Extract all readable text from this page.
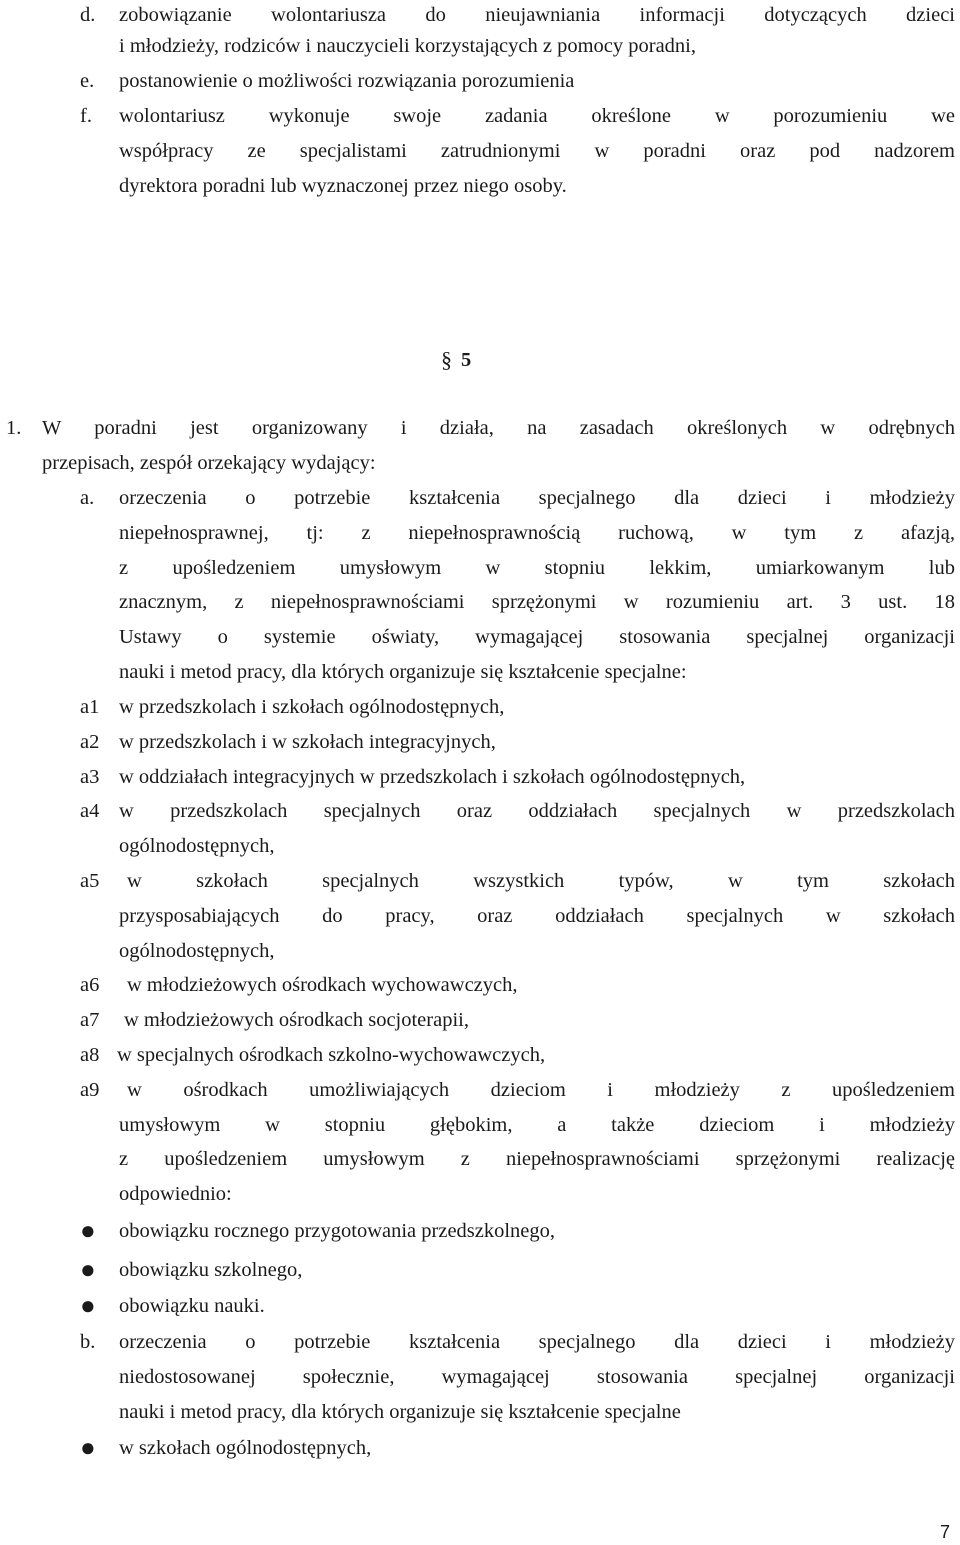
d. zobowiązanie wolontariusza do nieujawniania informacji dotyczących dzieci
i młodzieży, rodziców i nauczycieli korzystających z pomocy poradni,
e. postanowienie o możliwości rozwiązania porozumienia
f. wolontariusz wykonuje swoje zadania określone w porozumieniu we
współpracy ze specjalistami zatrudnionymi w poradni oraz pod nadzorem
dyrektora poradni lub wyznaczonej przez niego osoby.
§ 5
1. W poradni jest organizowany i działa, na zasadach określonych w odrębnych
przepisach, zespół orzekający wydający:
a. orzeczenia o potrzebie kształcenia specjalnego dla dzieci i młodzieży
niepełnosprawnej, tj: z niepełnosprawnością ruchową, w tym z afazją,
z upośledzeniem umysłowym w stopniu lekkim, umiarkowanym lub
znacznym, z niepełnosprawnościami sprzężonymi w rozumieniu art. 3 ust. 18
Ustawy o systemie oświaty, wymagającej stosowania specjalnej organizacji
nauki i metod pracy, dla których organizuje się kształcenie specjalne:
a1 w przedszkolach i szkołach ogólnodostępnych,
a2 w przedszkolach i w szkołach integracyjnych,
a3 w oddziałach integracyjnych w przedszkolach i szkołach ogólnodostępnych,
a4 w przedszkolach specjalnych oraz oddziałach specjalnych w przedszkolach
ogólnodostępnych,
a5 w szkołach specjalnych wszystkich typów, w tym szkołach
przysposabiających do pracy, oraz oddziałach specjalnych w szkołach
ogólnodostępnych,
a6 w młodzieżowych ośrodkach wychowawczych,
a7 w młodzieżowych ośrodkach socjoterapii,
a8 w specjalnych ośrodkach szkolno-wychowawczych,
a9 w ośrodkach umożliwiających dzieciom i młodzieży z upośledzeniem
umysłowym w stopniu głębokim, a także dzieciom i młodzieży
z upośledzeniem umysłowym z niepełnosprawnościami sprzężonymi realizację
odpowiednio:
● obowiązku rocznego przygotowania przedszkolnego,
● obowiązku szkolnego,
● obowiązku nauki.
b. orzeczenia o potrzebie kształcenia specjalnego dla dzieci i młodzieży
niedostosowanej społecznie, wymagającej stosowania specjalnej organizacji
nauki i metod pracy, dla których organizuje się kształcenie specjalne
● w szkołach ogólnodostępnych,
7
